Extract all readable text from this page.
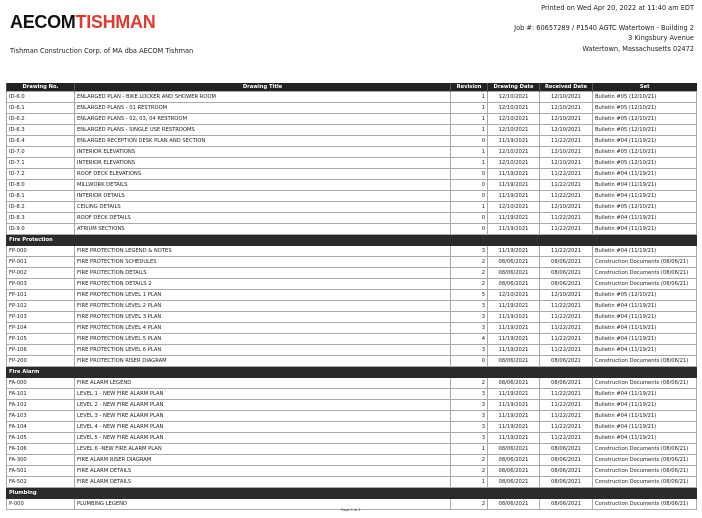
AECOMTISHMAN
Tishman Construction Corp. of MA dba AECOM Tishman
Printed on Wed Apr 20, 2022 at 11:40 am EDT
Job #: 60657289 / P1540 AGTC Watertown - Building 2
3 Kingsbury Avenue
Watertown, Massachusetts 02472
Drawing No.	Drawing Title	Revision	Drawing Date	Received Date	Set
ID-6.0	ENLARGED PLAN - BIKE LOCKER AND SHOWER ROOM	1	12/10/2021	12/10/2021	Bulletin #05 (12/10/21)
ID-6.1	ENLARGED PLANS - 01 RESTROOM	1	12/10/2021	12/10/2021	Bulletin #05 (12/10/21)
ID-6.2	ENLARGED PLANS - 02, 03, 04 RESTROOM	1	12/10/2021	12/10/2021	Bulletin #05 (12/10/21)
ID-6.3	ENLARGED PLANS - SINGLE USE RESTROOMS	1	12/10/2021	12/10/2021	Bulletin #05 (12/10/21)
ID-6.4	ENLARGED RECEPTION DESK PLAN AND SECTION	0	11/19/2021	11/22/2021	Bulletin #04 (11/19/21)
ID-7.0	INTERIOR ELEVATIONS	1	12/10/2021	12/10/2021	Bulletin #05 (12/10/21)
ID-7.1	INTERIOR ELEVATIONS	1	12/10/2021	12/10/2021	Bulletin #05 (12/10/21)
ID-7.2	ROOF DECK ELEVATIONS	0	11/19/2021	11/22/2021	Bulletin #04 (11/19/21)
ID-8.0	MILLWORK DETAILS	0	11/19/2021	11/22/2021	Bulletin #04 (11/19/21)
ID-8.1	INTERIOR DETAILS	0	11/19/2021	11/22/2021	Bulletin #04 (11/19/21)
ID-8.2	CEILING DETAILS	1	12/10/2021	12/10/2021	Bulletin #05 (12/10/21)
ID-8.3	ROOF DECK DETAILS	0	11/19/2021	11/22/2021	Bulletin #04 (11/19/21)
ID-9.0	ATRIUM SECTIONS	0	11/19/2021	11/22/2021	Bulletin #04 (11/19/21)
Fire Protection					
FP-000	FIRE PROTECTION LEGEND & NOTES	3	11/19/2021	11/22/2021	Bulletin #04 (11/19/21)
FP-001	FIRE PROTECTION SCHEDULES	2	08/06/2021	08/06/2021	Construction Documents (08/06/21)
FP-002	FIRE PROTECTION DETAILS	2	08/06/2021	08/06/2021	Construction Documents (08/06/21)
FP-003	FIRE PROTECTION DETAILS 2	2	08/06/2021	08/06/2021	Construction Documents (08/06/21)
FP-101	FIRE PROTECTION LEVEL 1 PLAN	5	12/10/2021	12/10/2021	Bulletin #05 (12/10/21)
FP-102	FIRE PROTECTION LEVEL 2 PLAN	3	11/19/2021	11/22/2021	Bulletin #04 (11/19/21)
FP-103	FIRE PROTECTION LEVEL 3 PLAN	3	11/19/2021	11/22/2021	Bulletin #04 (11/19/21)
FP-104	FIRE PROTECTION LEVEL 4 PLAN	3	11/19/2021	11/22/2021	Bulletin #04 (11/19/21)
FP-105	FIRE PROTECTION LEVEL 5 PLAN	4	11/19/2021	11/22/2021	Bulletin #04 (11/19/21)
FP-106	FIRE PROTECTION LEVEL 6 PLAN	3	11/19/2021	11/22/2021	Bulletin #04 (11/19/21)
FP-200	FIRE PROTECTION RISER DIAGRAM	0	08/06/2021	08/06/2021	Construction Documents (08/06/21)
Fire Alarm					
FA-000	FIRE ALARM LEGEND	2	08/06/2021	08/06/2021	Construction Documents (08/06/21)
FA-101	LEVEL 1 - NEW FIRE ALARM PLAN	3	11/19/2021	11/22/2021	Bulletin #04 (11/19/21)
FA-102	LEVEL 2 - NEW FIRE ALARM PLAN	3	11/19/2021	11/22/2021	Bulletin #04 (11/19/21)
FA-103	LEVEL 3 - NEW FIRE ALARM PLAN	3	11/19/2021	11/22/2021	Bulletin #04 (11/19/21)
FA-104	LEVEL 4 - NEW FIRE ALARM PLAN	3	11/19/2021	11/22/2021	Bulletin #04 (11/19/21)
FA-105	LEVEL 5 - NEW FIRE ALARM PLAN	3	11/19/2021	11/22/2021	Bulletin #04 (11/19/21)
FA-106	LEVEL 6 -NEW FIRE ALARM PLAN	1	08/06/2021	08/06/2021	Construction Documents (08/06/21)
FA-300	FIRE ALARM RISER DIAGRAM	2	08/06/2021	08/06/2021	Construction Documents (08/06/21)
FA-501	FIRE ALARM DETAILS	2	08/06/2021	08/06/2021	Construction Documents (08/06/21)
FA-502	FIRE ALARM DETAILS	1	08/06/2021	08/06/2021	Construction Documents (08/06/21)
Plumbing					
P-000	PLUMBING LEGEND	2	08/06/2021	08/06/2021	Construction Documents (08/06/21)
Page 1 of 1
